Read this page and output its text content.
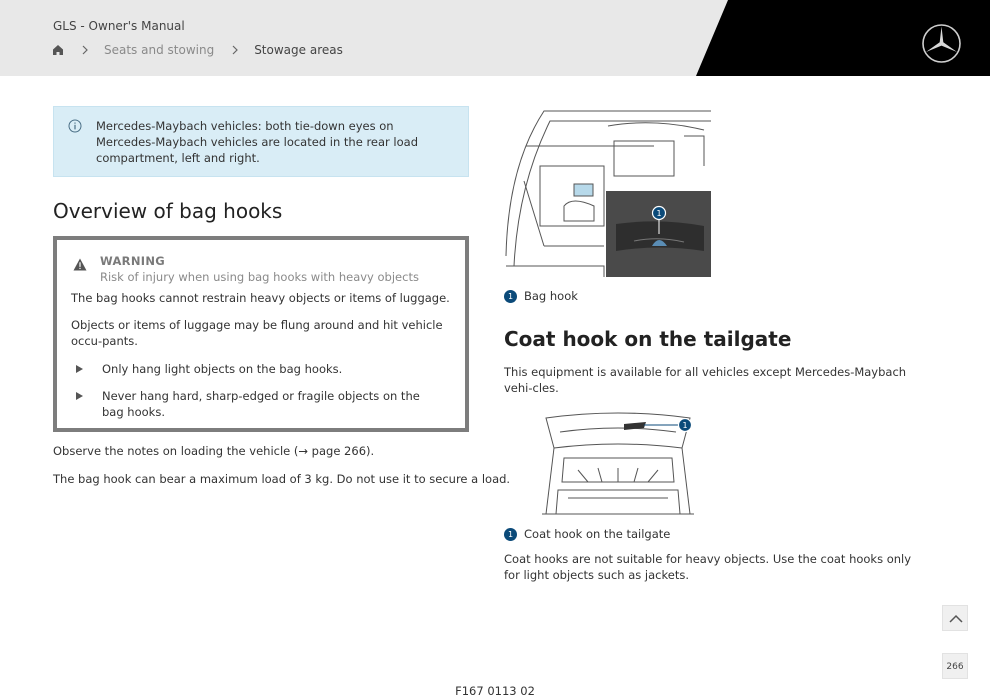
GLS - Owner's Manual
Seats and stowing	Stowage areas
Mercedes-Maybach vehicles: both tie-down eyes on Mercedes-Maybach vehicles are located in the rear load compartment, left and right.
Overview of bag hooks
WARNING
Risk of injury when using bag hooks with heavy objects
The bag hooks cannot restrain heavy objects or items of luggage.
Objects or items of luggage may be flung around and hit vehicle occu-pants.
Only hang light objects on the bag hooks.
Never hang hard, sharp-edged or fragile objects on the bag hooks.
Observe the notes on loading the vehicle (→ page 266).
The bag hook can bear a maximum load of 3 kg. Do not use it to secure a load.
1
1 Bag hook
Coat hook on the tailgate
This equipment is available for all vehicles except Mercedes-Maybach vehi-cles.
1
1 Coat hook on the tailgate
Coat hooks are not suitable for heavy objects. Use the coat hooks only for light objects such as jackets.
266
F167 0113 02
